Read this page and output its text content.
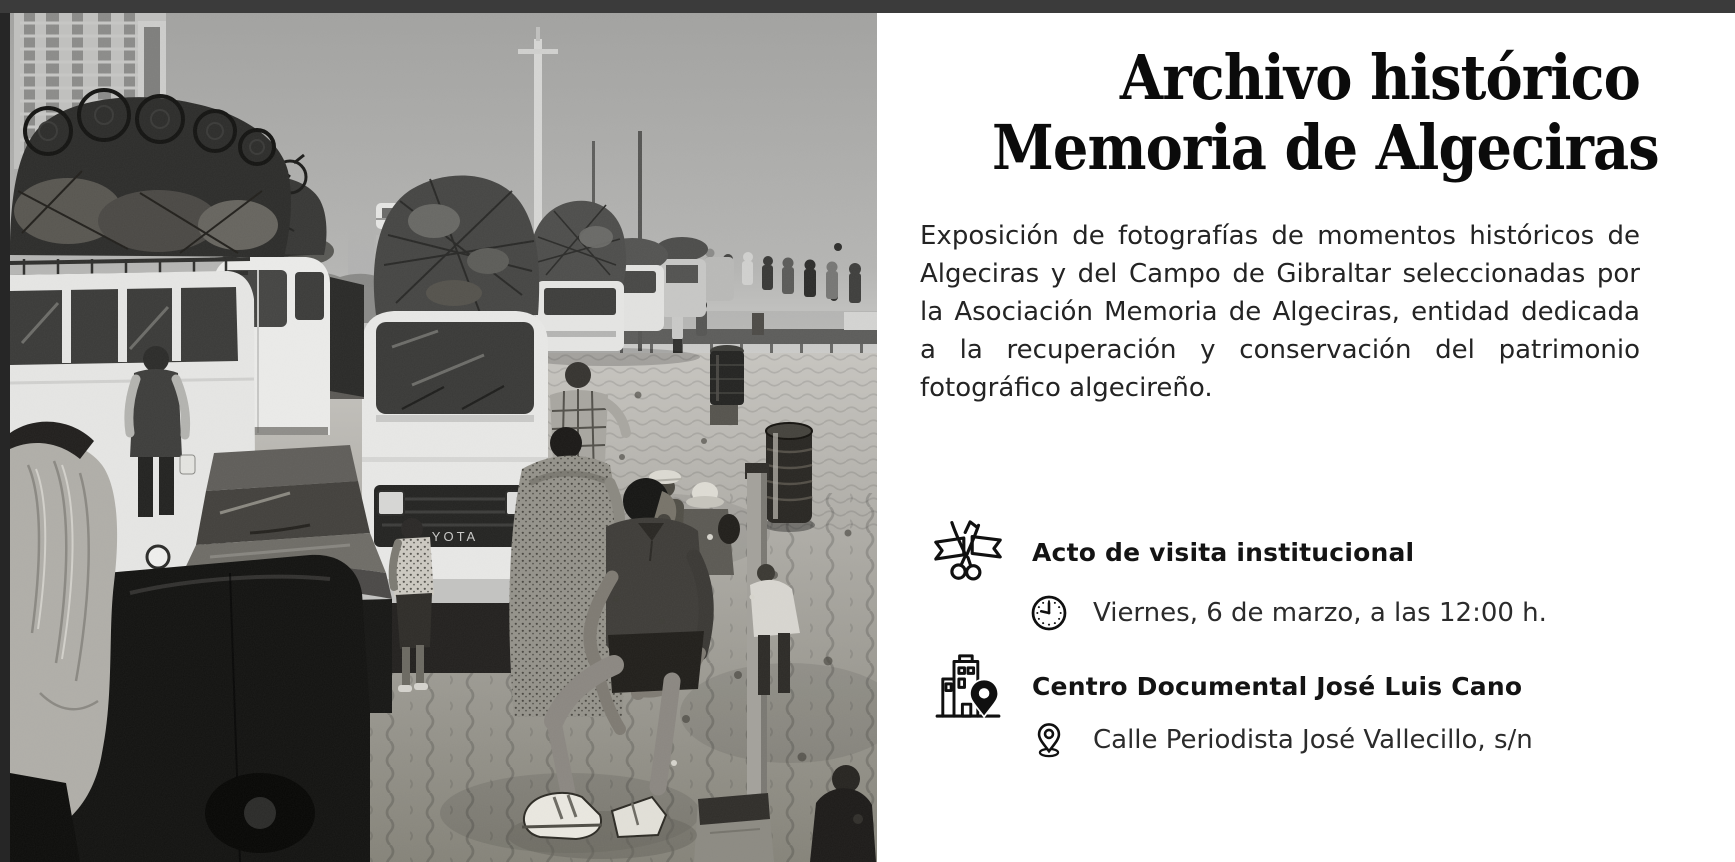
YOTA
Archivo histórico
Memoria de Algeciras

Exposición de fotografías de momentos históricos de Algeciras y del Campo de Gibraltar seleccionadas por la Asociación Memoria de Algeciras, entidad dedicada a la recuperación y conservación del patrimonio fotográfico algecireño.

Acto de visita institucional
Viernes, 6 de marzo, a las 12:00 h.
Centro Documental José Luis Cano
Calle Periodista José Vallecillo, s/n
